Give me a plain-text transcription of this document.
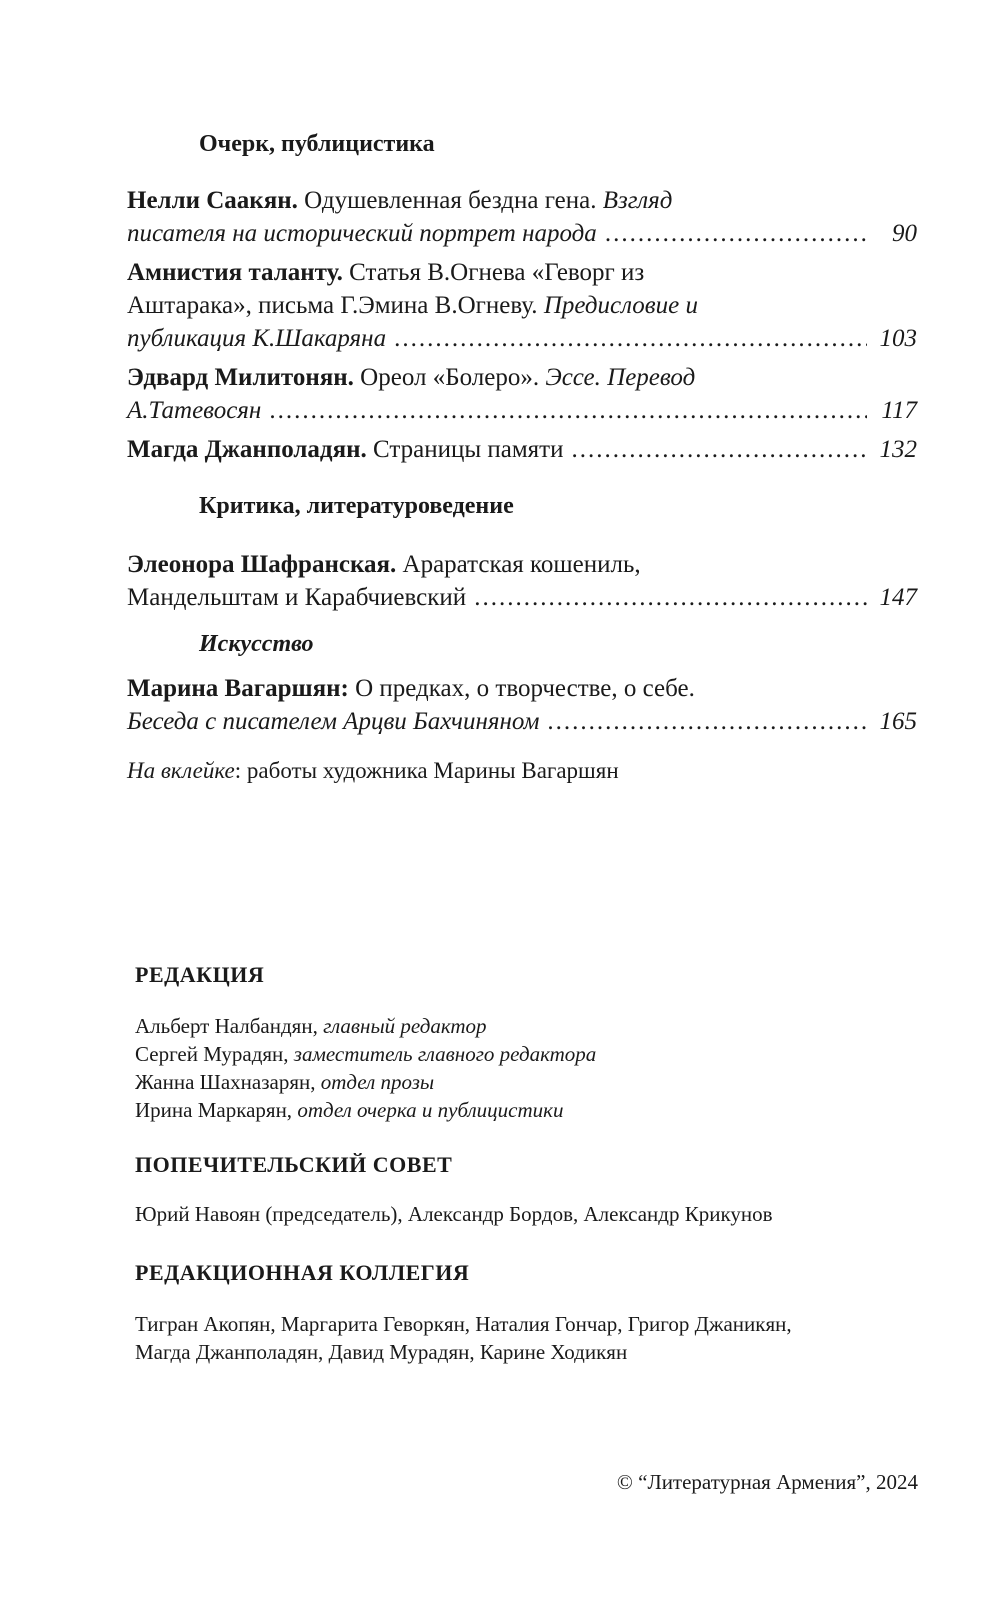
Очерк, публицистика
Нелли Саакян. Одушевленная бездна гена. Взгляд
писателя на исторический портрет народа .....	90
Амнистия таланту. Статья В.Огнева «Геворг из
Аштарака», письма Г.Эмина В.Огневу. Предисловие и
публикация К.Шакаряна .....	103
Эдвард Милитонян. Ореол «Болеро». Эссе. Перевод
А.Татевосян .....	117
Магда Джанполадян. Страницы памяти .....	132
Критика, литературоведение
Элеонора Шафранская. Араратская кошениль,
Мандельштам и Карабчиевский .....	147
Искусство
Марина Вагаршян: О предках, о творчестве, о себе.
Беседа с писателем Арцви Бахчиняном .....	165
На вклейке: работы художника Марины Вагаршян
РЕДАКЦИЯ
Альберт Налбандян, главный редактор
Сергей Мурадян, заместитель главного редактора
Жанна Шахназарян, отдел прозы
Ирина Маркарян, отдел очерка и публицистики
ПОПЕЧИТЕЛЬСКИЙ СОВЕТ
Юрий Навоян (председатель), Александр Бордов, Александр Крикунов
РЕДАКЦИОННАЯ КОЛЛЕГИЯ
Тигран Акопян, Маргарита Геворкян, Наталия Гончар, Григор Джаникян,
Магда Джанполадян, Давид Мурадян, Карине Ходикян
© “Литературная Армения”, 2024
